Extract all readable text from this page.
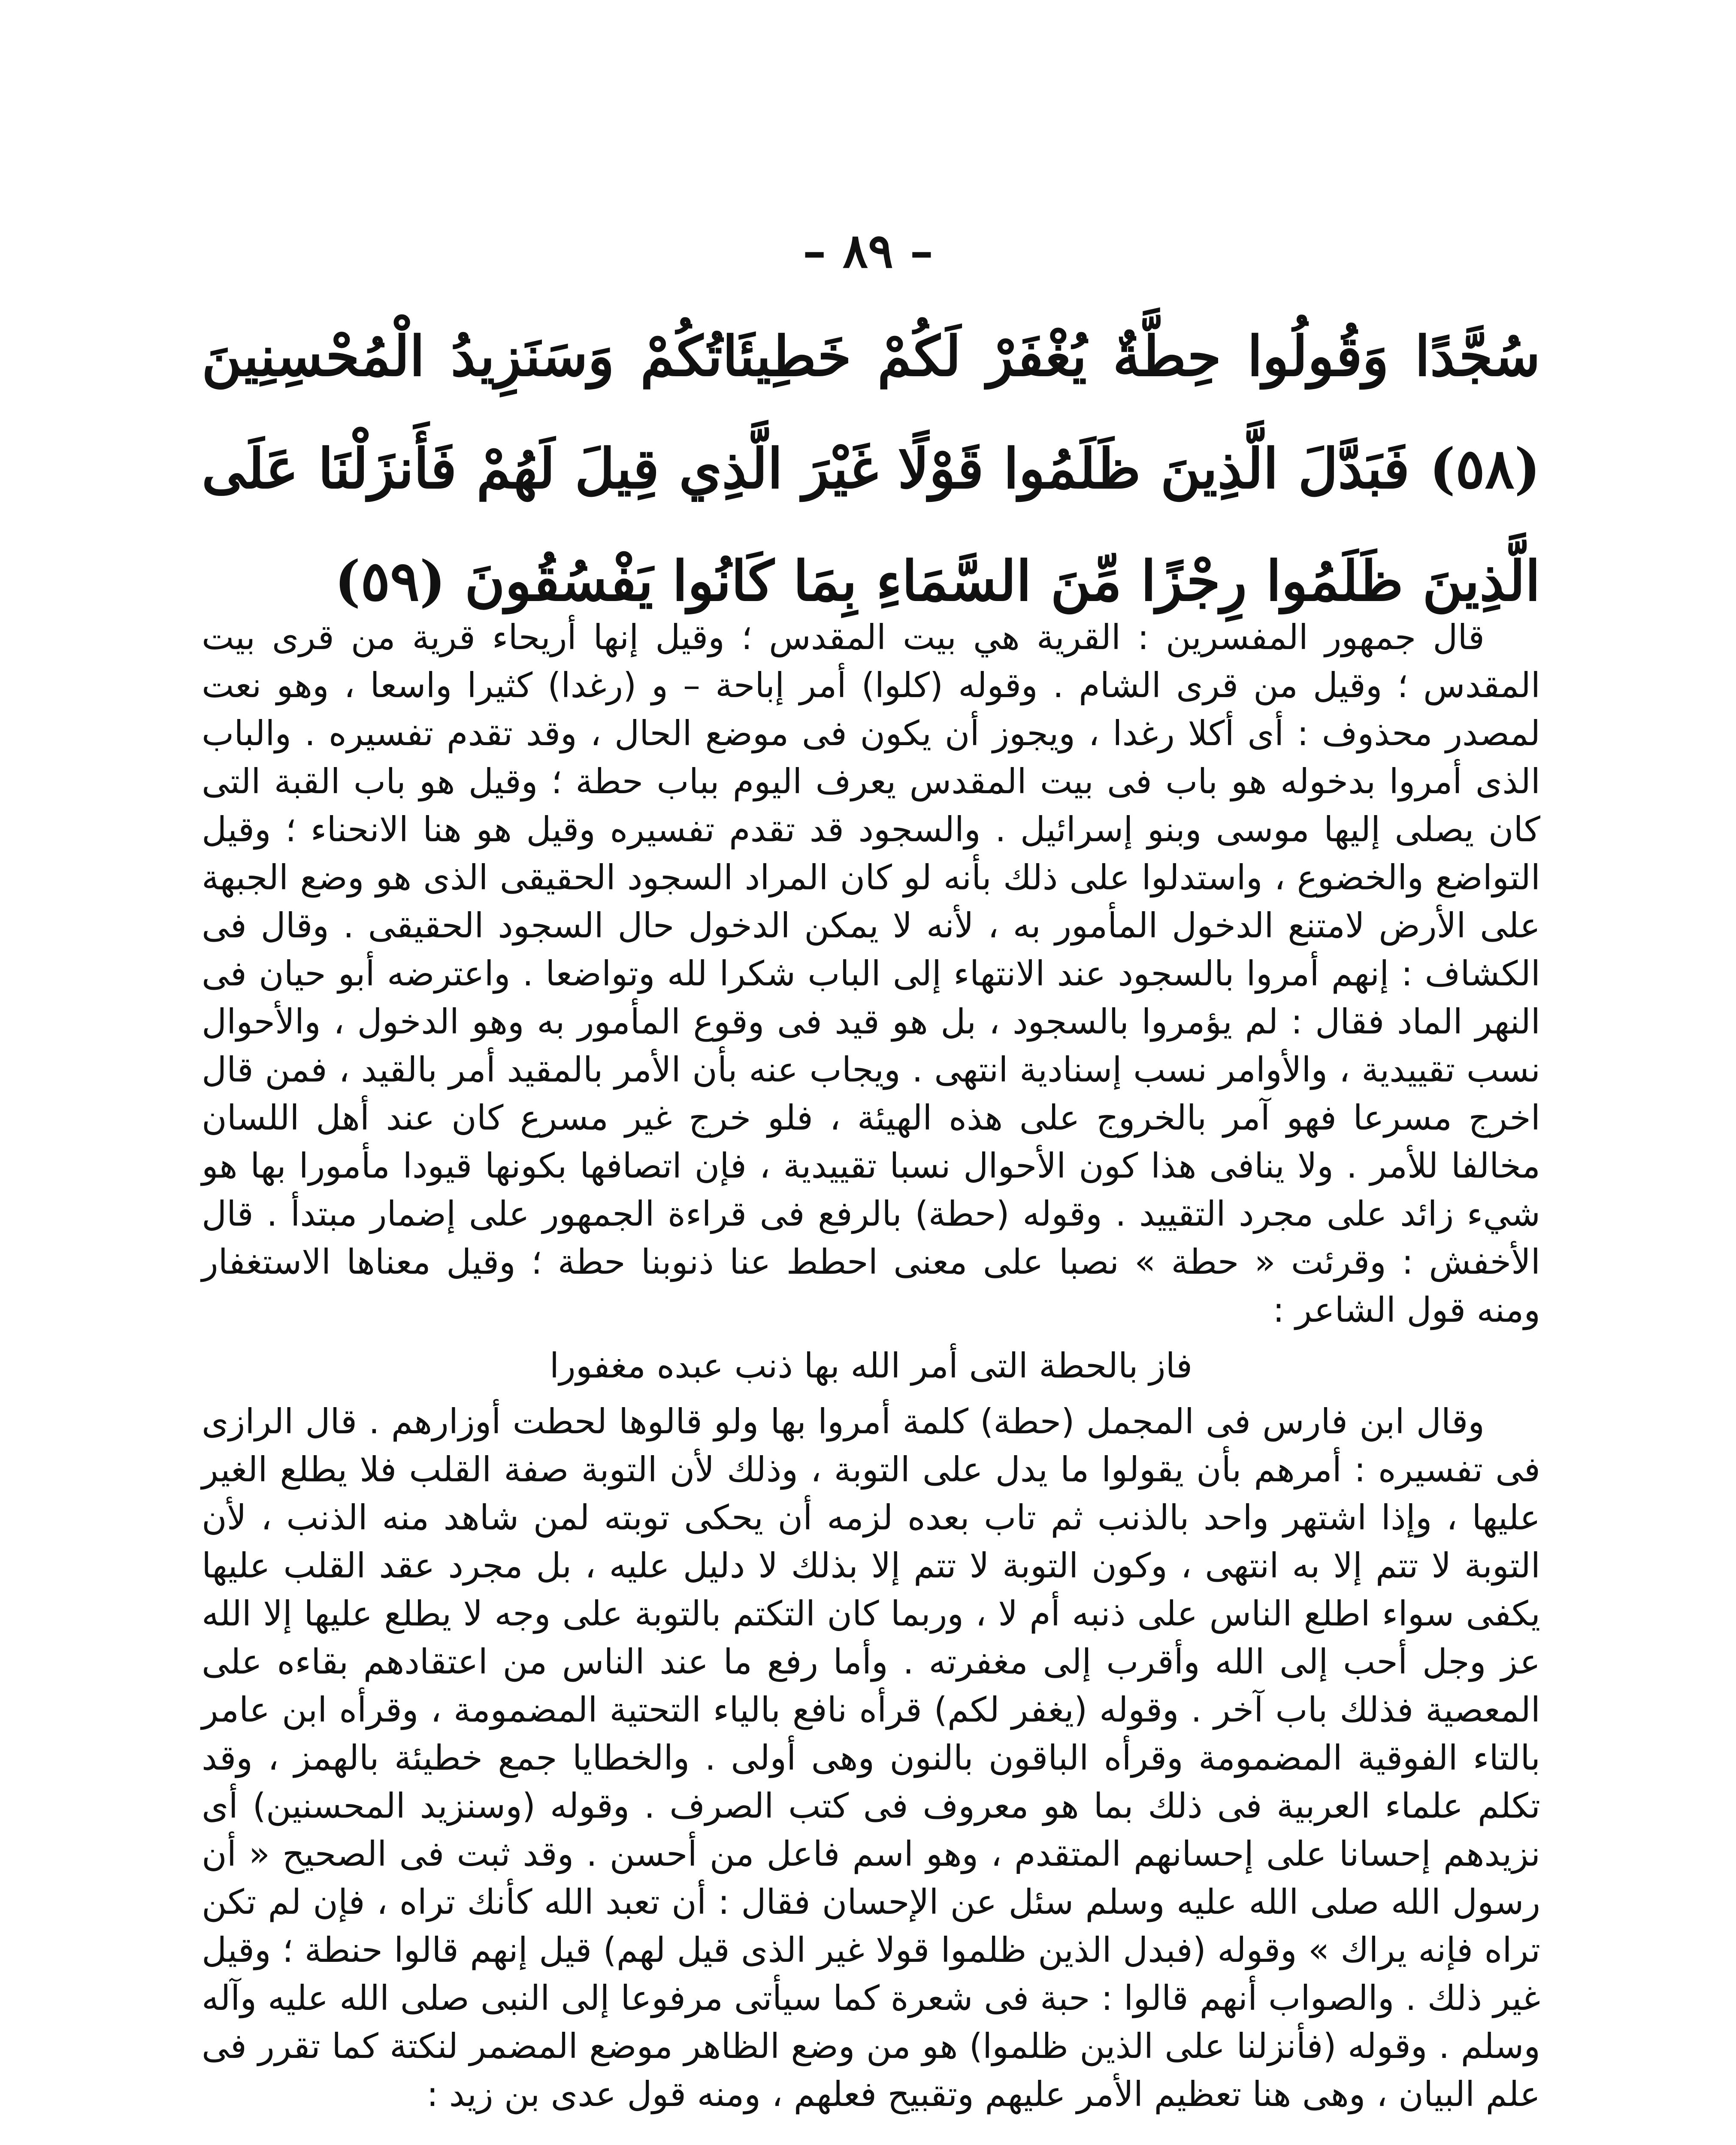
– ٨٩ –
سُجَّدًا وَقُولُوا حِطَّةٌ يُغْفَرْ لَكُمْ خَطِيئَاتُكُمْ وَسَنَزِيدُ الْمُحْسِنِينَ (٥٨) فَبَدَّلَ الَّذِينَ ظَلَمُوا قَوْلًا غَيْرَ الَّذِي قِيلَ لَهُمْ فَأَنزَلْنَا عَلَى الَّذِينَ ظَلَمُوا رِجْزًا مِّنَ السَّمَاءِ بِمَا كَانُوا يَفْسُقُونَ (٥٩)

قال جمهور المفسرين : القرية هي بيت المقدس ؛ وقيل إنها أريحاء قرية من قرى بيت المقدس ؛ وقيل من قرى الشام . وقوله (كلوا) أمر إباحة – و (رغدا) كثيرا واسعا ، وهو نعت لمصدر محذوف : أى أكلا رغدا ، ويجوز أن يكون فى موضع الحال ، وقد تقدم تفسيره . والباب الذى أمروا بدخوله هو باب فى بيت المقدس يعرف اليوم بباب حطة ؛ وقيل هو باب القبة التى كان يصلى إليها موسى وبنو إسرائيل . والسجود قد تقدم تفسيره وقيل هو هنا الانحناء ؛ وقيل التواضع والخضوع ، واستدلوا على ذلك بأنه لو كان المراد السجود الحقيقى الذى هو وضع الجبهة على الأرض لامتنع الدخول المأمور به ، لأنه لا يمكن الدخول حال السجود الحقيقى . وقال فى الكشاف : إنهم أمروا بالسجود عند الانتهاء إلى الباب شكرا لله وتواضعا . واعترضه أبو حيان فى النهر الماد فقال : لم يؤمروا بالسجود ، بل هو قيد فى وقوع المأمور به وهو الدخول ، والأحوال نسب تقييدية ، والأوامر نسب إسنادية انتهى . ويجاب عنه بأن الأمر بالمقيد أمر بالقيد ، فمن قال اخرج مسرعا فهو آمر بالخروج على هذه الهيئة ، فلو خرج غير مسرع كان عند أهل اللسان مخالفا للأمر . ولا ينافى هذا كون الأحوال نسبا تقييدية ، فإن اتصافها بكونها قيودا مأمورا بها هو شيء زائد على مجرد التقييد . وقوله (حطة) بالرفع فى قراءة الجمهور على إضمار مبتدأ . قال الأخفش : وقرئت « حطة » نصبا على معنى احطط عنا ذنوبنا حطة ؛ وقيل معناها الاستغفار ومنه قول الشاعر :

فاز بالحطة التى أمر الله بها ذنب عبده مغفورا

وقال ابن فارس فى المجمل (حطة) كلمة أمروا بها ولو قالوها لحطت أوزارهم . قال الرازى فى تفسيره : أمرهم بأن يقولوا ما يدل على التوبة ، وذلك لأن التوبة صفة القلب فلا يطلع الغير عليها ، وإذا اشتهر واحد بالذنب ثم تاب بعده لزمه أن يحكى توبته لمن شاهد منه الذنب ، لأن التوبة لا تتم إلا به انتهى ، وكون التوبة لا تتم إلا بذلك لا دليل عليه ، بل مجرد عقد القلب عليها يكفى سواء اطلع الناس على ذنبه أم لا ، وربما كان التكتم بالتوبة على وجه لا يطلع عليها إلا الله عز وجل أحب إلى الله وأقرب إلى مغفرته . وأما رفع ما عند الناس من اعتقادهم بقاءه على المعصية فذلك باب آخر . وقوله (يغفر لكم) قرأه نافع بالياء التحتية المضمومة ، وقرأه ابن عامر بالتاء الفوقية المضمومة وقرأه الباقون بالنون وهى أولى . والخطايا جمع خطيئة بالهمز ، وقد تكلم علماء العربية فى ذلك بما هو معروف فى كتب الصرف . وقوله (وسنزيد المحسنين) أى نزيدهم إحسانا على إحسانهم المتقدم ، وهو اسم فاعل من أحسن . وقد ثبت فى الصحيح « أن رسول الله صلى الله عليه وسلم سئل عن الإحسان فقال : أن تعبد الله كأنك تراه ، فإن لم تكن تراه فإنه يراك » وقوله (فبدل الذين ظلموا قولا غير الذى قيل لهم) قيل إنهم قالوا حنطة ؛ وقيل غير ذلك . والصواب أنهم قالوا : حبة فى شعرة كما سيأتى مرفوعا إلى النبى صلى الله عليه وآله وسلم . وقوله (فأنزلنا على الذين ظلموا) هو من وضع الظاهر موضع المضمر لنكتة كما تقرر فى علم البيان ، وهى هنا تعظيم الأمر عليهم وتقبيح فعلهم ، ومنه قول عدى بن زيد :
